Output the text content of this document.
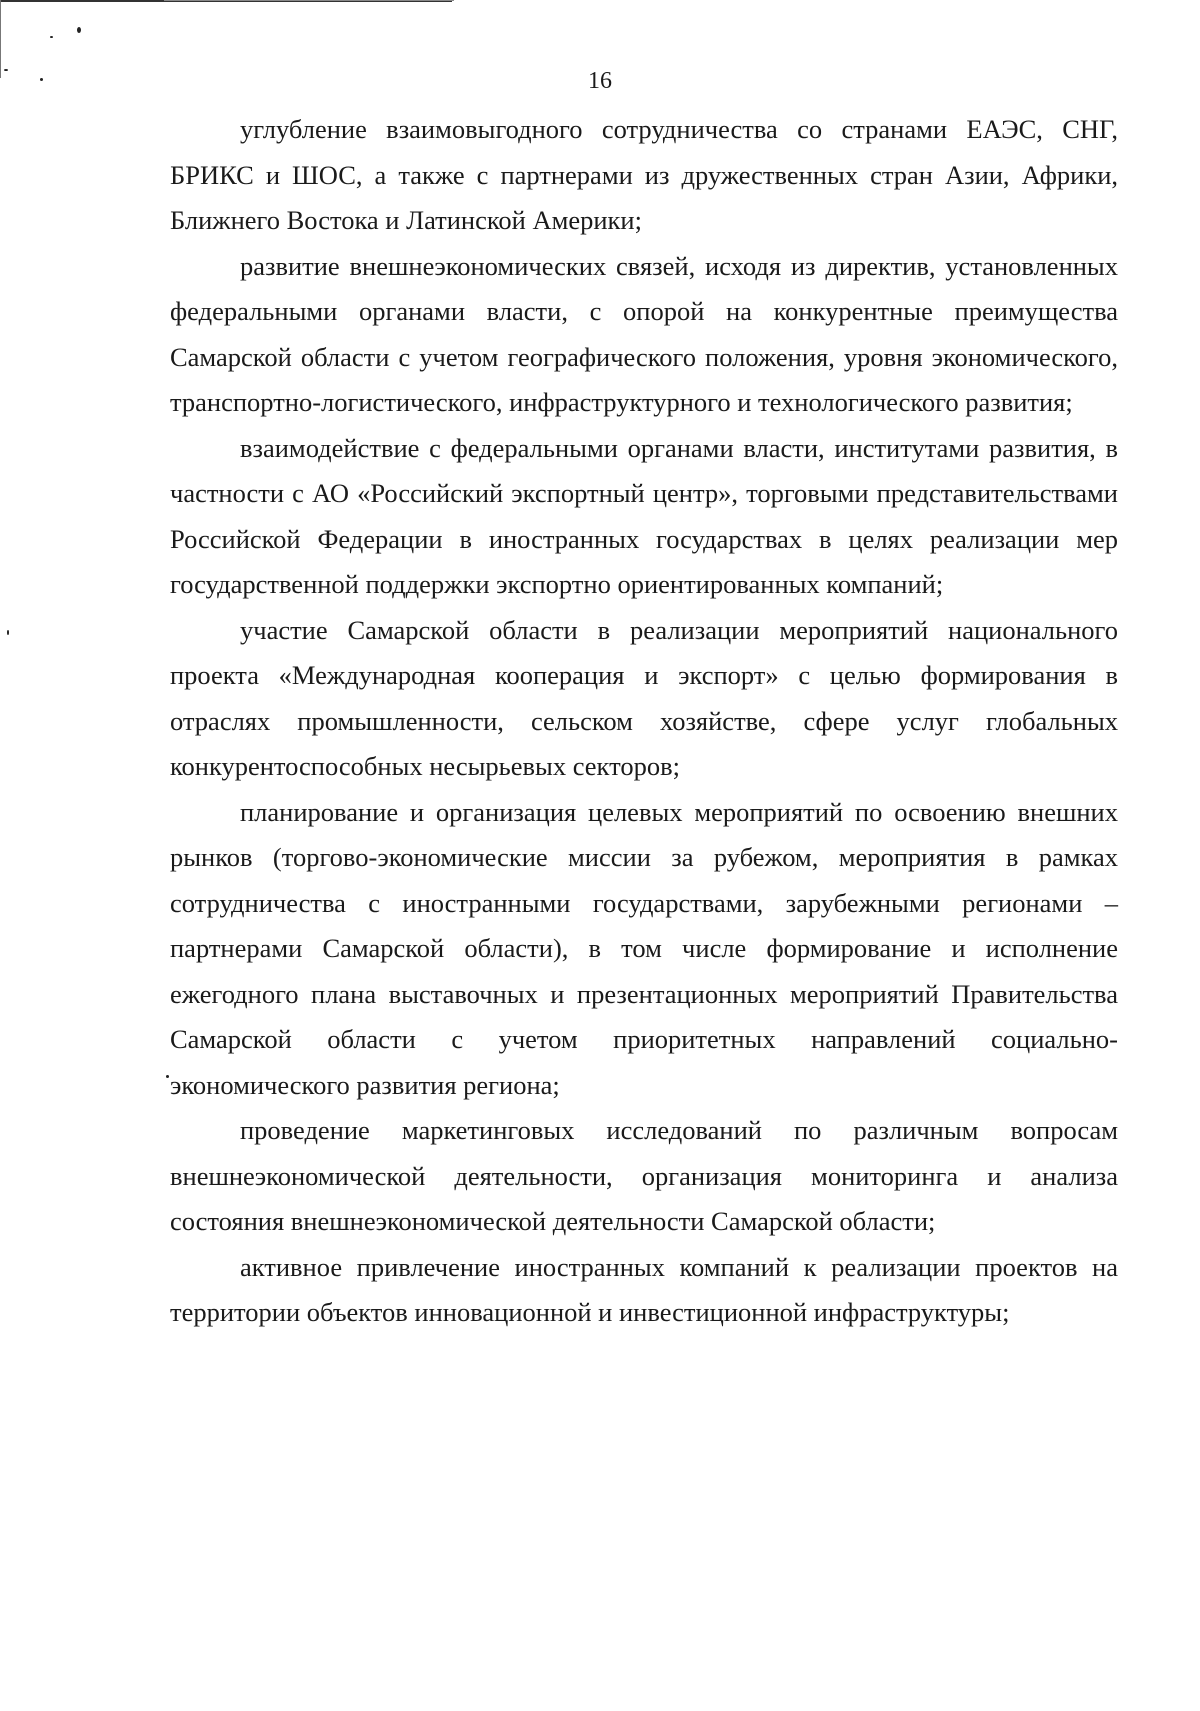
16

углубление взаимовыгодного сотрудничества со странами ЕАЭС, СНГ, БРИКС и ШОС, а также с партнерами из дружественных стран Азии, Африки, Ближнего Востока и Латинской Америки;

развитие внешнеэкономических связей, исходя из директив, установленных федеральными органами власти, с опорой на конкурентные преимущества Самарской области с учетом географического положения, уровня экономического, транспортно-логистического, инфраструктурного и технологического развития;

взаимодействие с федеральными органами власти, институтами развития, в частности с АО «Российский экспортный центр», торговыми представительствами Российской Федерации в иностранных государствах в целях реализации мер государственной поддержки экспортно ориентированных компаний;

участие Самарской области в реализации мероприятий национального проекта «Международная кооперация и экспорт» с целью формирования в отраслях промышленности, сельском хозяйстве, сфере услуг глобальных конкурентоспособных несырьевых секторов;

планирование и организация целевых мероприятий по освоению внешних рынков (торгово-экономические миссии за рубежом, мероприятия в рамках сотрудничества с иностранными государствами, зарубежными регионами – партнерами Самарской области), в том числе формирование и исполнение ежегодного плана выставочных и презентационных мероприятий Правительства Самарской области с учетом приоритетных направлений социально-экономического развития региона;

проведение маркетинговых исследований по различным вопросам внешнеэкономической деятельности, организация мониторинга и анализа состояния внешнеэкономической деятельности Самарской области;

активное привлечение иностранных компаний к реализации проектов на территории объектов инновационной и инвестиционной инфраструктуры;
